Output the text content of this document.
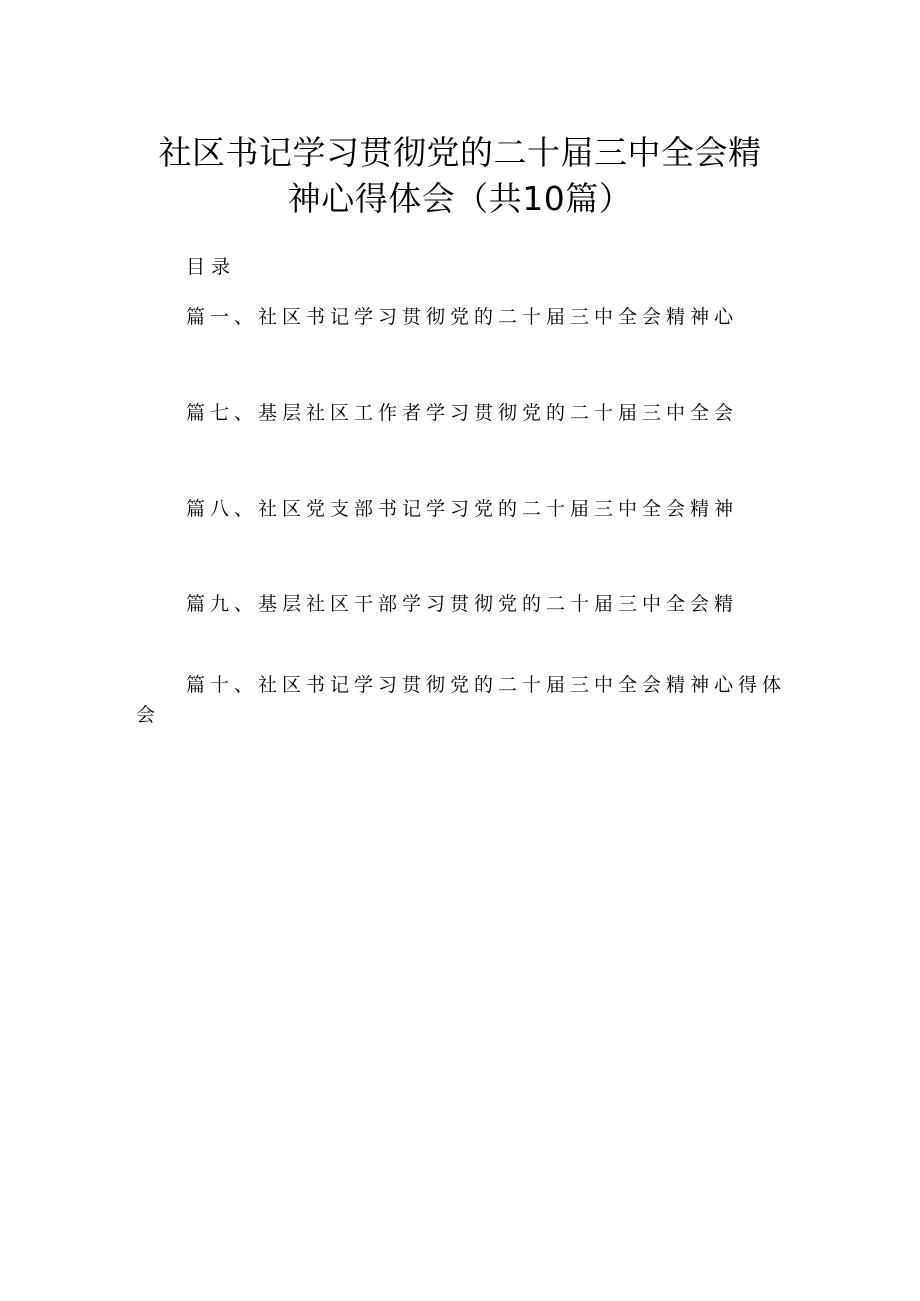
社区书记学习贯彻党的二十届三中全会精
神心得体会（共10篇）
目录
篇一、社区书记学习贯彻党的二十届三中全会精神心
篇七、基层社区工作者学习贯彻党的二十届三中全会
篇八、社区党支部书记学习党的二十届三中全会精神
篇九、基层社区干部学习贯彻党的二十届三中全会精
篇十、社区书记学习贯彻党的二十届三中全会精神心得体会
